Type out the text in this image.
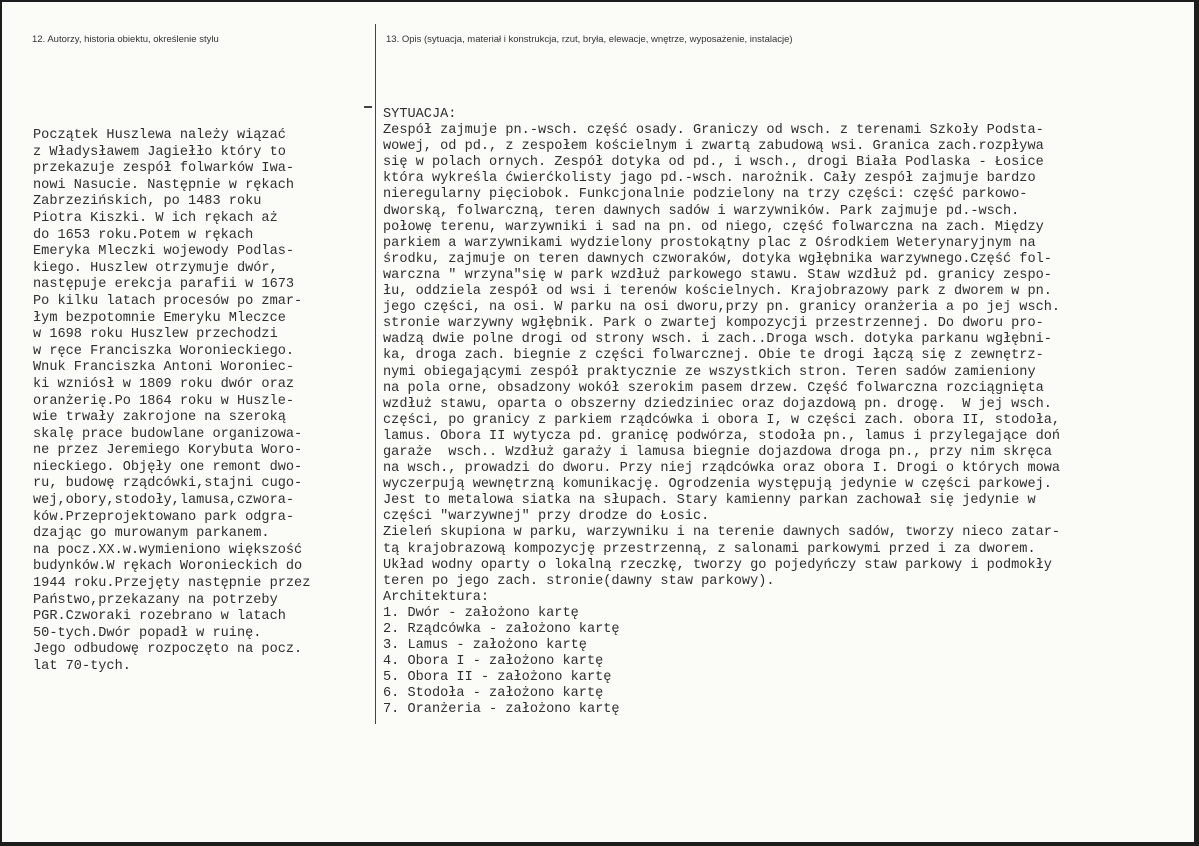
12. Autorzy, historia obiektu, określenie stylu	13. Opis (sytuacja, materiał i konstrukcja, rzut, bryła, elewacje, wnętrze, wyposażenie, instalacje)
Początek Huszlewa należy wiązać
z Władysławem Jagiełło który to
przekazuje zespół folwarków Iwa-
nowi Nasucie. Następnie w rękach
Zabrzezińskich, po 1483 roku
Piotra Kiszki. W ich rękach aż
do 1653 roku.Potem w rękach
Emeryka Mleczki wojewody Podlas-
kiego. Huszlew otrzymuje dwór,
następuje erekcja parafii w 1673
Po kilku latach procesów po zmar-
łym bezpotomnie Emeryku Mleczce
w 1698 roku Huszlew przechodzi
w ręce Franciszka Woronieckiego.
Wnuk Franciszka Antoni Woroniec-
ki wzniósł w 1809 roku dwór oraz
oranżerię.Po 1864 roku w Huszle-
wie trwały zakrojone na szeroką
skalę prace budowlane organizowa-
ne przez Jeremiego Korybuta Woro-
nieckiego. Objęły one remont dwo-
ru, budowę rządcówki,stajni cugo-
wej,obory,stodoły,lamusa,czwora-
ków.Przeprojektowano park odgra-
dzając go murowanym parkanem.
na pocz.XX.w.wymieniono większość
budynków.W rękach Woronieckich do
1944 roku.Przejęty następnie przez
Państwo,przekazany na potrzeby
PGR.Czworaki rozebrano w latach
50-tych.Dwór popadł w ruinę.
Jego odbudowę rozpoczęto na pocz.
lat 70-tych.
SYTUACJA:
Zespół zajmuje pn.-wsch. część osady. Graniczy od wsch. z terenami Szkoły Podsta-
wowej, od pd., z zespołem kościelnym i zwartą zabudową wsi. Granica zach.rozpływa
się w polach ornych. Zespół dotyka od pd., i wsch., drogi Biała Podlaska - Łosice
która wykreśla ćwierćkolisty jago pd.-wsch. narożnik. Cały zespół zajmuje bardzo
nieregularny pięciobok. Funkcjonalnie podzielony na trzy części: część parkowo-
dworską, folwarczną, teren dawnych sadów i warzywników. Park zajmuje pd.-wsch.
połowę terenu, warzywniki i sad na pn. od niego, część folwarczna na zach. Między
parkiem a warzywnikami wydzielony prostokątny plac z Ośrodkiem Weterynaryjnym na
środku, zajmuje on teren dawnych czworaków, dotyka wgłębnika warzywnego.Część fol-
warczna " wrzyna"się w park wzdłuż parkowego stawu. Staw wzdłuż pd. granicy zespo-
łu, oddziela zespół od wsi i terenów kościelnych. Krajobrazowy park z dworem w pn.
jego części, na osi. W parku na osi dworu,przy pn. granicy oranżeria a po jej wsch.
stronie warzywny wgłębnik. Park o zwartej kompozycji przestrzennej. Do dworu pro-
wadzą dwie polne drogi od strony wsch. i zach..Droga wsch. dotyka parkanu wgłębni-
ka, droga zach. biegnie z części folwarcznej. Obie te drogi łączą się z zewnętrz-
nymi obiegającymi zespół praktycznie ze wszystkich stron. Teren sadów zamieniony
na pola orne, obsadzony wokół szerokim pasem drzew. Część folwarczna rozciągnięta
wzdłuż stawu, oparta o obszerny dziedziniec oraz dojazdową pn. drogę.  W jej wsch.
części, po granicy z parkiem rządcówka i obora I, w części zach. obora II, stodoła,
lamus. Obora II wytycza pd. granicę podwórza, stodoła pn., lamus i przylegające doń
garaże  wsch.. Wzdłuż garaży i lamusa biegnie dojazdowa droga pn., przy nim skręca
na wsch., prowadzi do dworu. Przy niej rządcówka oraz obora I. Drogi o których mowa
wyczerpują wewnętrzną komunikację. Ogrodzenia występują jedynie w części parkowej.
Jest to metalowa siatka na słupach. Stary kamienny parkan zachował się jedynie w
części "warzywnej" przy drodze do Łosic.
Zieleń skupiona w parku, warzywniku i na terenie dawnych sadów, tworzy nieco zatar-
tą krajobrazową kompozycję przestrzenną, z salonami parkowymi przed i za dworem.
Układ wodny oparty o lokalną rzeczkę, tworzy go pojedyńczy staw parkowy i podmokły
teren po jego zach. stronie(dawny staw parkowy).
Architektura:
1. Dwór - założono kartę
2. Rządcówka - założono kartę
3. Lamus - założono kartę
4. Obora I - założono kartę
5. Obora II - założono kartę
6. Stodoła - założono kartę
7. Oranżeria - założono kartę
